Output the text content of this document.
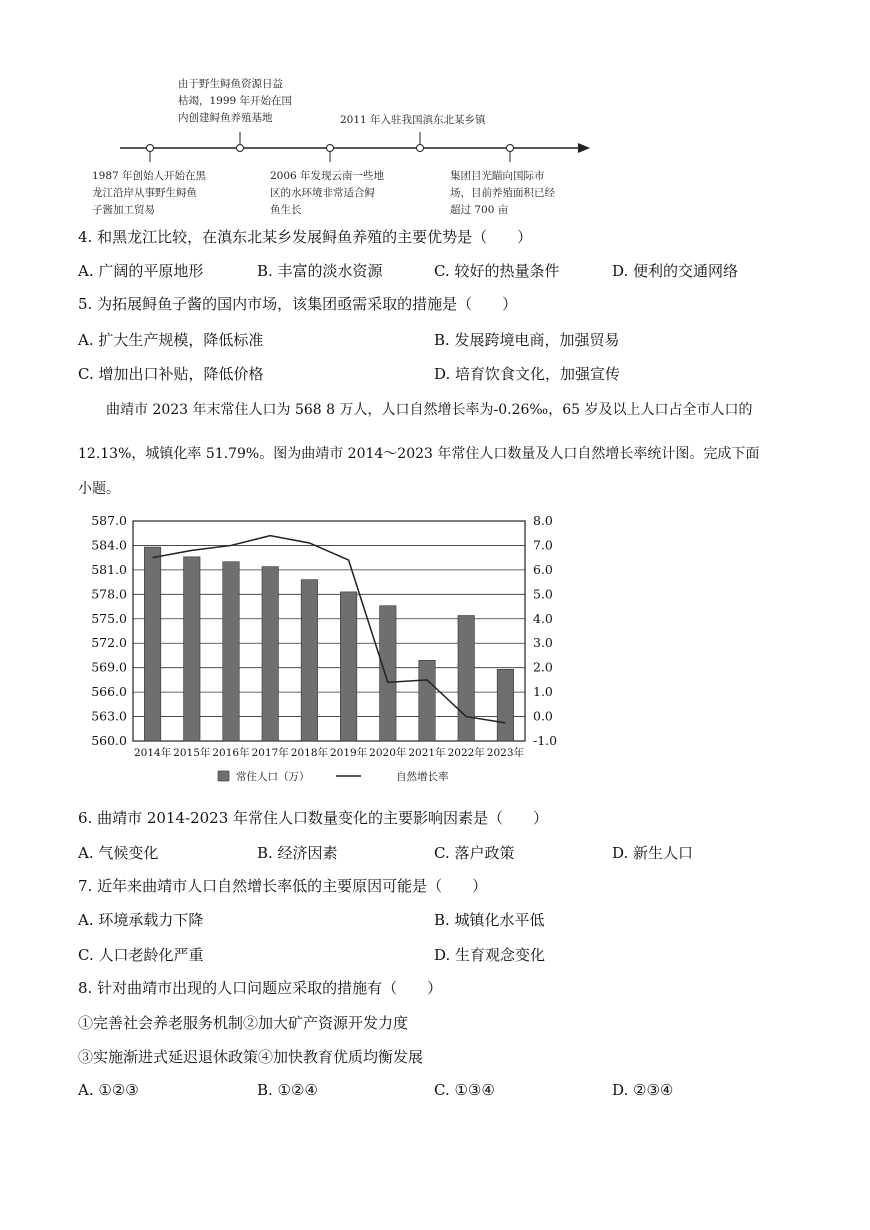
1987 年创始人开始在黑
龙江沿岸从事野生鲟鱼
子酱加工贸易
由于野生鲟鱼资源日益
枯竭，1999 年开始在国
内创建鲟鱼养殖基地
2006 年发现云南一些地
区的水环境非常适合鲟
鱼生长
2011 年入驻我国滇东北某乡镇
集团目光瞄向国际市
场，目前养殖面积已经
超过 700 亩
4. 和黑龙江比较，在滇东北某乡发展鲟鱼养殖的主要优势是（　　）
A. 广阔的平原地形	B. 丰富的淡水资源	C. 较好的热量条件	D. 便利的交通网络
5. 为拓展鲟鱼子酱的国内市场，该集团亟需采取的措施是（　　）
A. 扩大生产规模，降低标准	B. 发展跨境电商，加强贸易
C. 增加出口补贴，降低价格	D. 培育饮食文化，加强宣传
曲靖市 2023 年末常住人口为 568 8 万人，人口自然增长率为-0.26‰，65 岁及以上人口占全市人口的
12.13%，城镇化率 51.79%。图为曲靖市 2014～2023 年常住人口数量及人口自然增长率统计图。完成下面
小题。
587.0
584.0
581.0
578.0
575.0
572.0
569.0
566.0
563.0
560.0
8.0
7.0
6.0
5.0
4.0
3.0
2.0
1.0
0.0
-1.0
2014年 2015年 2016年 2017年 2018年 2019年 2020年 2021年 2022年 2023年
常住人口（万）	自然增长率
6. 曲靖市 2014-2023 年常住人口数量变化的主要影响因素是（　　）
A. 气候变化	B. 经济因素	C. 落户政策	D. 新生人口
7. 近年来曲靖市人口自然增长率低的主要原因可能是（　　）
A. 环境承载力下降	B. 城镇化水平低
C. 人口老龄化严重	D. 生育观念变化
8. 针对曲靖市出现的人口问题应采取的措施有（　　）
①完善社会养老服务机制②加大矿产资源开发力度
③实施渐进式延迟退休政策④加快教育优质均衡发展
A. ①②③	B. ①②④	C. ①③④	D. ②③④
